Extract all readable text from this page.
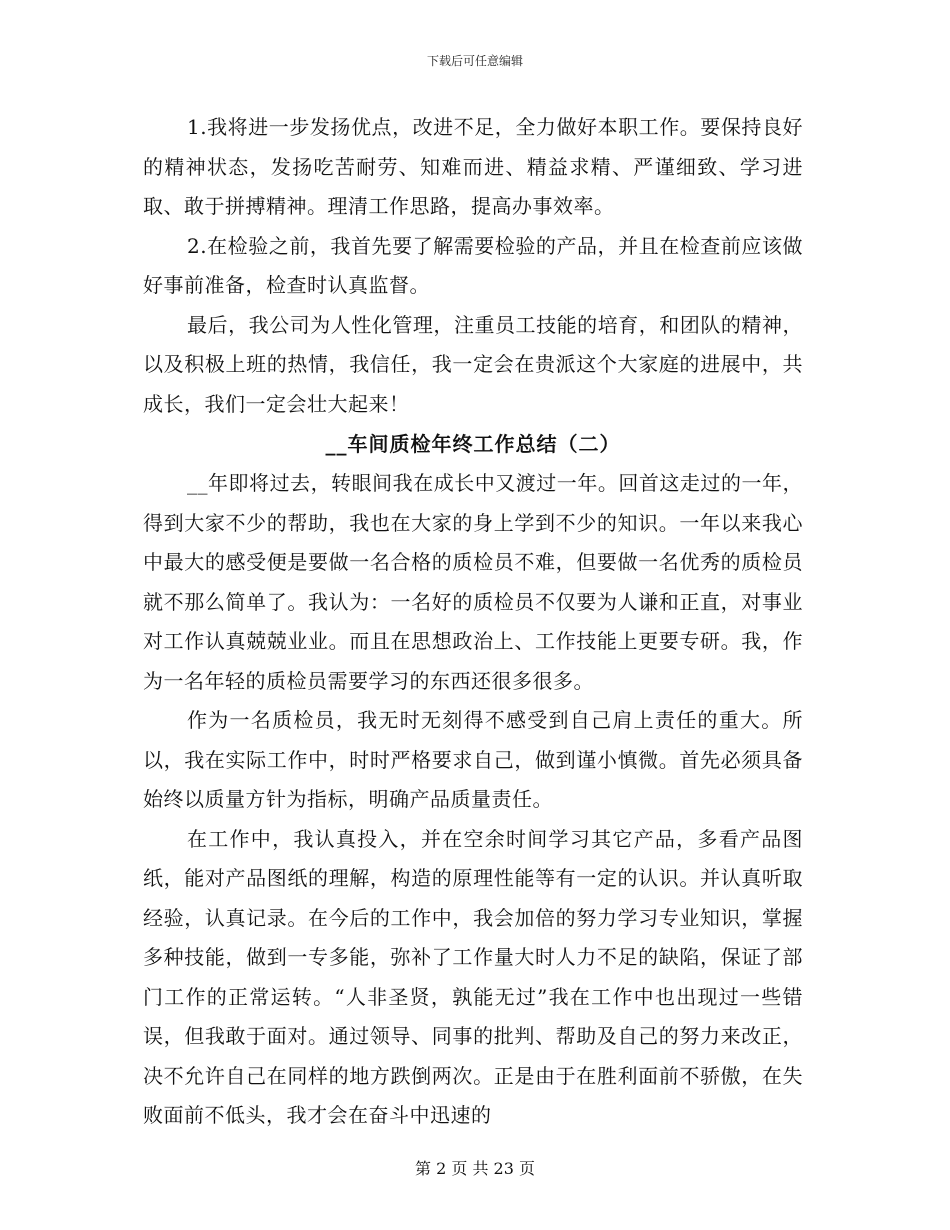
下载后可任意编辑

1.我将进一步发扬优点，改进不足，全力做好本职工作。要保持良好的精神状态，发扬吃苦耐劳、知难而进、精益求精、严谨细致、学习进取、敢于拼搏精神。理清工作思路，提高办事效率。

2.在检验之前，我首先要了解需要检验的产品，并且在检查前应该做好事前准备，检查时认真监督。

最后，我公司为人性化管理，注重员工技能的培育，和团队的精神，以及积极上班的热情，我信任，我一定会在贵派这个大家庭的进展中，共成长，我们一定会壮大起来！

__车间质检年终工作总结（二）

__年即将过去，转眼间我在成长中又渡过一年。回首这走过的一年，得到大家不少的帮助，我也在大家的身上学到不少的知识。一年以来我心中最大的感受便是要做一名合格的质检员不难，但要做一名优秀的质检员就不那么简单了。我认为：一名好的质检员不仅要为人谦和正直，对事业对工作认真兢兢业业。而且在思想政治上、工作技能上更要专研。我，作为一名年轻的质检员需要学习的东西还很多很多。

作为一名质检员，我无时无刻得不感受到自己肩上责任的重大。所以，我在实际工作中，时时严格要求自己，做到谨小慎微。首先必须具备始终以质量方针为指标，明确产品质量责任。

在工作中，我认真投入，并在空余时间学习其它产品，多看产品图纸，能对产品图纸的理解，构造的原理性能等有一定的认识。并认真听取经验，认真记录。在今后的工作中，我会加倍的努力学习专业知识，掌握多种技能，做到一专多能，弥补了工作量大时人力不足的缺陷，保证了部门工作的正常运转。“人非圣贤，孰能无过”我在工作中也出现过一些错误，但我敢于面对。通过领导、同事的批判、帮助及自己的努力来改正，决不允许自己在同样的地方跌倒两次。正是由于在胜利面前不骄傲，在失败面前不低头，我才会在奋斗中迅速的

第 2 页 共 23 页
